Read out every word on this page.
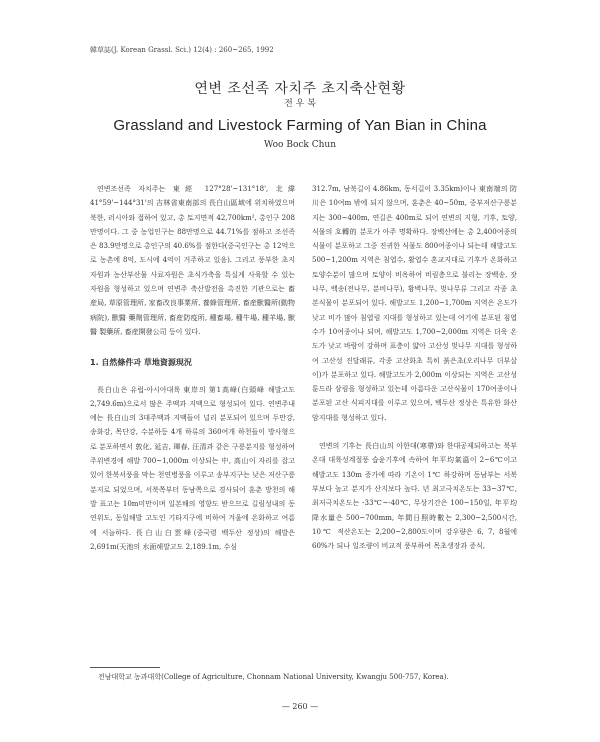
韓草誌(J. Korean Grassl. Sci.) 12(4) : 260~265, 1992
연변 조선족 자치주 초지축산현황
전 우 복
Grassland and Livestock Farming of Yan Bian in China
Woo Bock Chun

연변조선족 자치주는 東經 127°28'~131°18', 北緯 41°59'~144°31'의 吉林省東南部의 長白山區域에 위치하였으며 북한, 러시아와 접하여 있고, 총 토지면적 42,700km², 총인구 208만명이다. 그 중 농업인구는 88만명으로 44.71%를 점하고 조선족은 83.9만명으로 총인구의 40.6%를 점한다(중국인구는 총 12억으로 농촌에 8억, 도시에 4억이 거주하고 있음). 그리고 풍부한 초지자원과 농산부산물 사료자원은 초식가축을 특실게 사육할 수 있는 자원을 형성하고 있으며 연변주 축산발전을 촉진한 기관으로는 畜産局, 草原管理所, 家畜改良事業所, 養蜂管理所, 畜産獸醫所(動物病院), 獸醫 藥劑管理所, 畜産防疫所, 種畜場, 種牛場, 種羊場, 獸醫 製藥所, 畜産開發公司 등이 있다.

1. 自然條件과 草地資源現況

長白山은 유럽-아시아대륙 東岸의 第1高峰(白頭峰 해발고도 2,749.6m)으로서 많은 주맥과 지맥으로 형성되어 있다. 연변주내에는 長白山의 3대주맥과 지맥들이 널리 분포되어 있으며 두만강, 송화강, 목단강, 수분하등 4개 하류의 360여개 하천들이 방사형으로 분포하면서 敦化, 延吉, 琿春, 汪清과 같은 구릉분지를 형성하여 주위변경에 해발 700~1,000m 이상되는 中, 高山이 자리를 잡고 있어 한북서풍을 막는 천연병풍을 이루고 송부지구는 낮은 저산구릉분지로 되었으며, 서북쪽부터 동남쪽으로 경사되어 훈춘 방천의 해발 표고는 10m미만이며 일본해의 영향도 받으므로 길림성내의 동연위도, 동일해발 고도인 기타지구에 비하여 겨울에 온화하고 여름에 서늘하다. 長白山白雲峰(중국령 백두산 정상)의 해발은 2,691m(天池의 水面해발고도 2,189.1m, 수심

312.7m, 남북길이 4.86km, 동서길이 3.35km)이나 東南端의 防川은 10여m 밖에 되지 않으며, 훈춘은 40~50m, 중부저산구릉분지는 300~400m, 연길은 400m로 되어 연변의 지형, 기후, 토양, 식물의 호轉的 분포가 아주 명확하다. 장백산에는 총 2,400여종의 식물이 분포하고 그중 진귀한 식물도 800여종이나 되는데 해발고도 500~1,200m 지역은 침엽수, 활엽수 혼교지대로 기후가 온화하고 토양수분이 많으며 토양이 비옥하여 비림층으로 불리는 장백송, 잣나무, 백송(전나무, 분비나무), 황벽나무, 벚나무류 그리고 각종 초본식물이 분포되어 있다. 해발고도 1,200~1,700m 지역은 온도가 낮고 비가 많아 침엽림 지대를 형성하고 있는데 여기에 분포된 침엽수가 10여종이나 되며, 해발고도 1,700~2,000m 지역은 더욱 온도가 낮고 바람이 강하며 표층이 얇아 고산성 벚나무 지대를 형성하여 고산성 진달래류, 각종 고산화초 특히 붉은초(오리나무 더부살이)가 분포하고 있다. 해발고도가 2,000m 이상되는 지역은 고산성 툰드라 삼림을 형성하고 있는데 아름다운 고산식물이 170여종이나 분포된 고산 식피지대를 이루고 있으며, 백두산 정상은 특유한 화산암지대를 형성하고 있다.

연변의 기후는 長白山의 아한대(寒帶)와 한대공제되하고는 북부온대 대륙성계절풍 습윤기후에 속하여 年平均氣溫이 2~6℃이고 해발고도 130m 증가에 따라 기온이 1℃ 하강하며 동남부는 서북부보다 높고 분지가 산지보다 높다. 년 최고극치온도는 33~37℃, 최저극치온도는 -33℃~-40℃, 무상기간은 100~150일, 年平均降水量은 500~700mm, 年間日照時數는 2,300~2,500시간, 10℃ 적산온도는 2,200~2,800도이며 강우량은 6, 7, 8월에 60%가 되나 일조량이 비교적 풍부하여 목초생장과 증식,

전남대학교 농과대학(College of Agriculture, Chonnam National University, Kwangju 500-757, Korea).
— 260 —
